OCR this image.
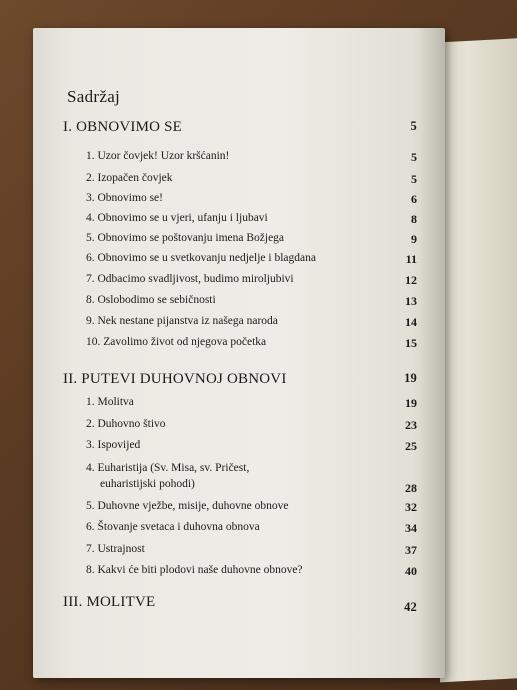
Sadržaj
I. OBNOVIMO SE	5
1. Uzor čovjek! Uzor kršćanin!	5
2. Izopačen čovjek	5
3. Obnovimo se!	6
4. Obnovimo se u vjeri, ufanju i ljubavi	8
5. Obnovimo se poštovanju imena Božjega	9
6. Obnovimo se u svetkovanju nedjelje i blagdana	11
7. Odbacimo svadljivost, budimo miroljubivi	12
8. Oslobodimo se sebičnosti	13
9. Nek nestane pijanstva iz našega naroda	14
10. Zavolimo život od njegova početka	15
II. PUTEVI DUHOVNOJ OBNOVI	19
1. Molitva	19
2. Duhovno štivo	23
3. Ispovijed	25
4. Euharistija (Sv. Misa, sv. Pričest,
euharistijski pohodi)	28
5. Duhovne vježbe, misije, duhovne obnove	32
6. Štovanje svetaca i duhovna obnova	34
7. Ustrajnost	37
8. Kakvi će biti plodovi naše duhovne obnove?	40
III. MOLITVE	42
